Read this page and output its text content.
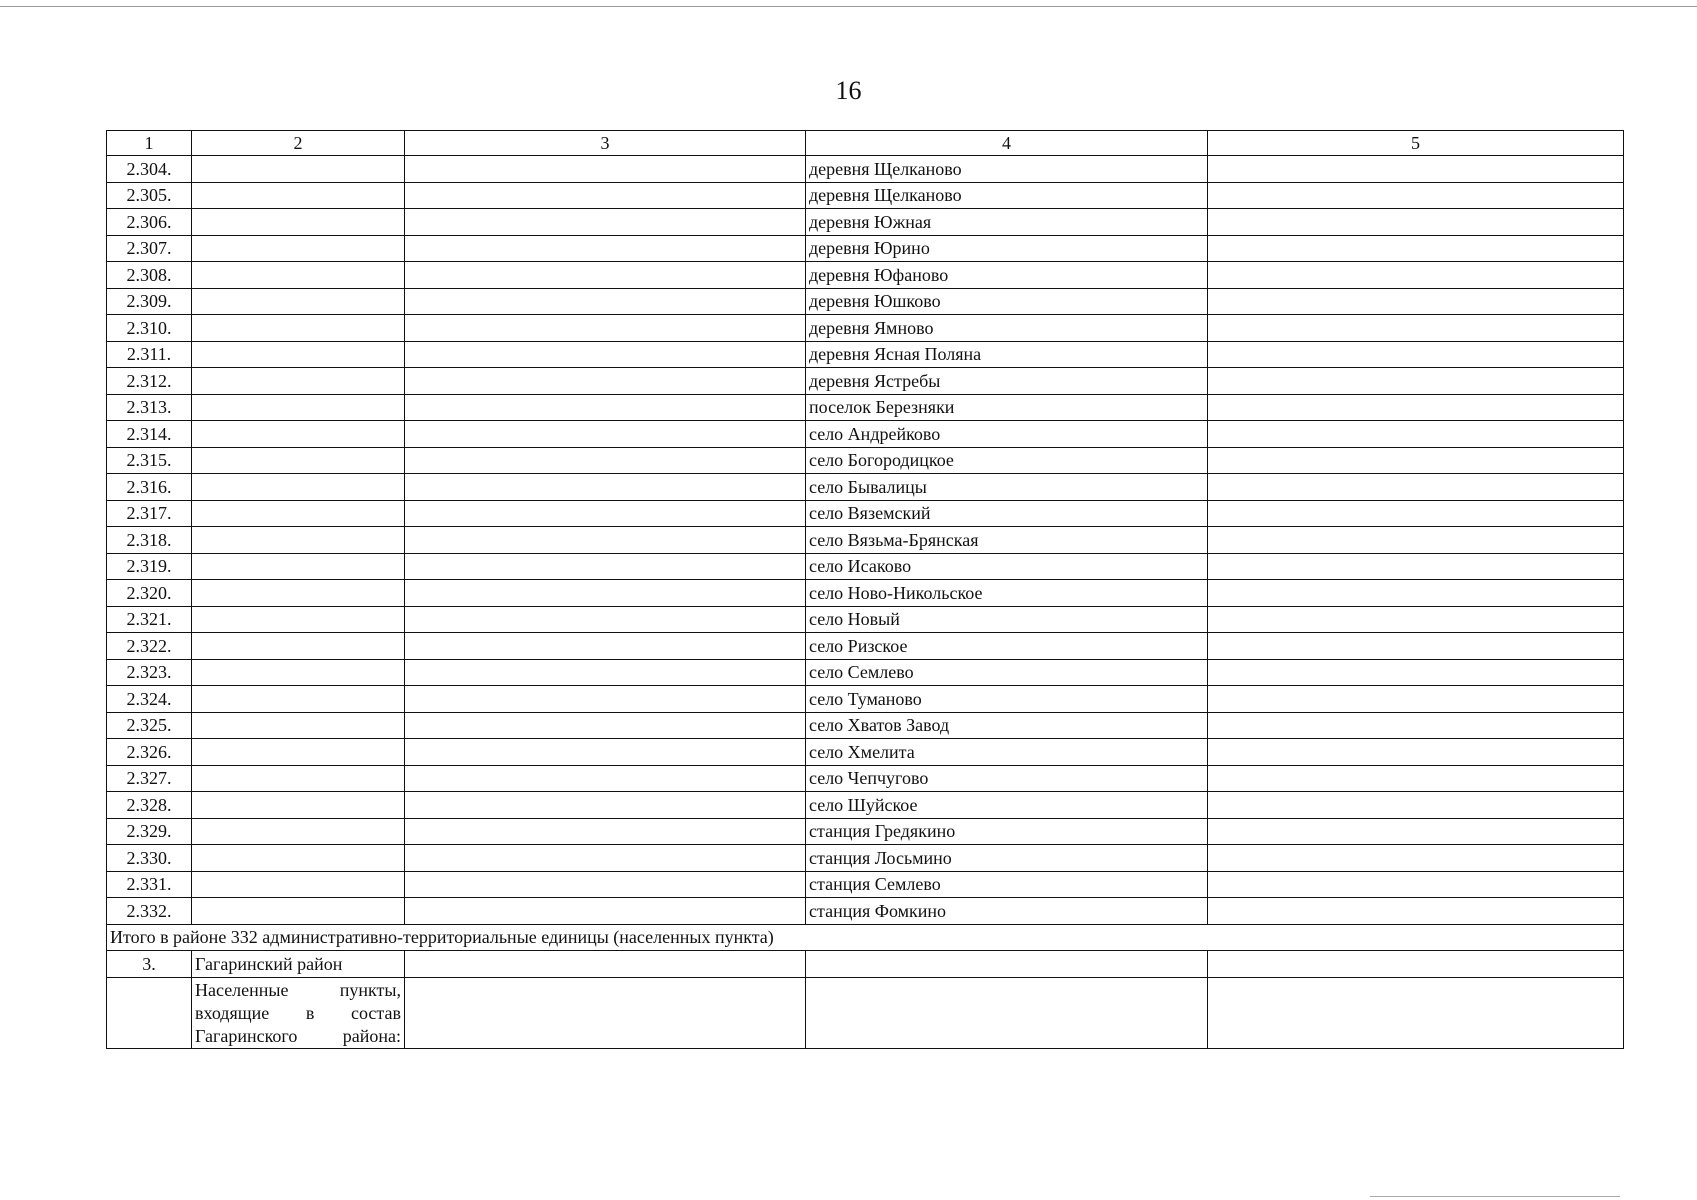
16
1	2	3	4	5
2.304.			деревня Щелканово	
2.305.			деревня Щелканово	
2.306.			деревня Южная	
2.307.			деревня Юрино	
2.308.			деревня Юфаново	
2.309.			деревня Юшково	
2.310.			деревня Ямново	
2.311.			деревня Ясная Поляна	
2.312.			деревня Ястребы	
2.313.			поселок Березняки	
2.314.			село Андрейково	
2.315.			село Богородицкое	
2.316.			село Бывалицы	
2.317.			село Вяземский	
2.318.			село Вязьма-Брянская	
2.319.			село Исаково	
2.320.			село Ново-Никольское	
2.321.			село Новый	
2.322.			село Ризское	
2.323.			село Семлево	
2.324.			село Туманово	
2.325.			село Хватов Завод	
2.326.			село Хмелита	
2.327.			село Чепчугово	
2.328.			село Шуйское	
2.329.			станция Гредякино	
2.330.			станция Лосьмино	
2.331.			станция Семлево	
2.332.			станция Фомкино	
Итого в районе 332 административно-территориальные единицы (населенных пункта)				
3.	Гагаринский район			

	Населенные пункты, входящие в состав Гагаринского района:			
